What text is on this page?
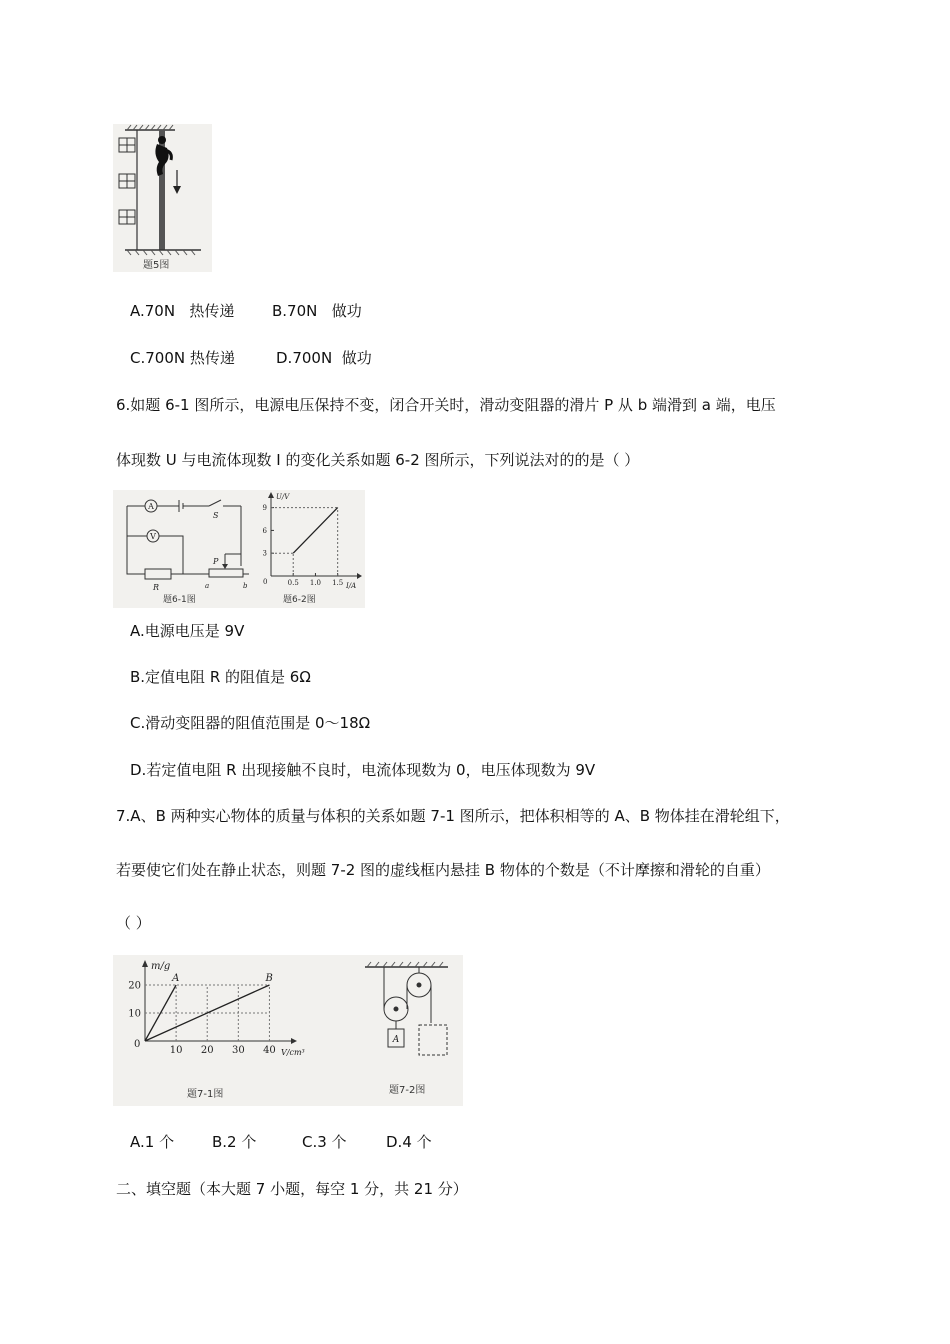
题5图
A.70N 热传递	B.70N 做功
C.700N 热传递	D.700N 做功
6.如题 6-1 图所示，电源电压保持不变，闭合开关时，滑动变阻器的滑片 P 从 b 端滑到 a 端，电压
体现数 U 与电流体现数 I 的变化关系如题 6-2 图所示，下列说法对的的是（ ）
A
V
S
R
P
a	b
题6-1图
3
6
9
0.5 1.0 1.5
U/V
I/A
0
题6-2图
A.电源电压是 9V
B.定值电阻 R 的阻值是 6Ω
C.滑动变阻器的阻值范围是 0～18Ω
D.若定值电阻 R 出现接触不良时，电流体现数为 0，电压体现数为 9V
7.A、B 两种实心物体的质量与体积的关系如题 7-1 图所示，把体积相等的 A、B 物体挂在滑轮组下，
若要使它们处在静止状态，则题 7-2 图的虚线框内悬挂 B 物体的个数是（不计摩擦和滑轮的自重）
（ ）
20
10
10 20 30 40
A	B
m/g
V/cm³
0
题7-1图
A
题7-2图
A.1 个	B.2 个	C.3 个	D.4 个
二、填空题（本大题 7 小题，每空 1 分，共 21 分）
